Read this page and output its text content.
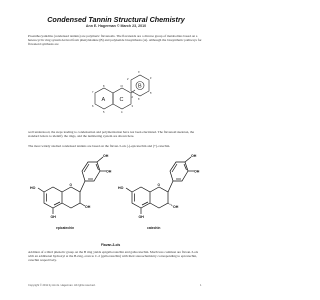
Condensed Tannin Structural Chemistry
Ann E. Hagerman © March 23, 2010

Proanthocyanidins (condensed tannins) are polymeric flavanoids. The flavanoids are a diverse group of metabolites based on a heterocyclic ring system derived from phenylalanine (B) and polyketide biosynthesis (A). Although the biosynthetic pathways for flavanoid synthesis are

A	C
B
O
2
3
4
5
6
7
8
2'
3'
4'
5'
6'

well understood, the steps leading to condensation and polymerization have not been elucidated. The flavanoid skeleton, the standard letters to identify the rings, and the numbering system are shown here.

The most widely studied condensed tannins are based on the flavan-3-ols (-)-epicatechin and (+)-catechin.

OH
OH
HO
OH
OH
O
OH
OH
HO
OH
OH
O
epicatechin	catechin
Flavan-3-ols

Addition of a third phenolic group on the B ring yields epigallocatechin and gallocatechin. Much less common are flavan-3-ols with an additional hydroxyl at the B-ring, even to C-2 (gallocatechin) with their stereochemistry corresponding to epicatechin, catechin respectively.

Copyright © 2011 by Ann E. Hagerman. All rights reserved.	1
